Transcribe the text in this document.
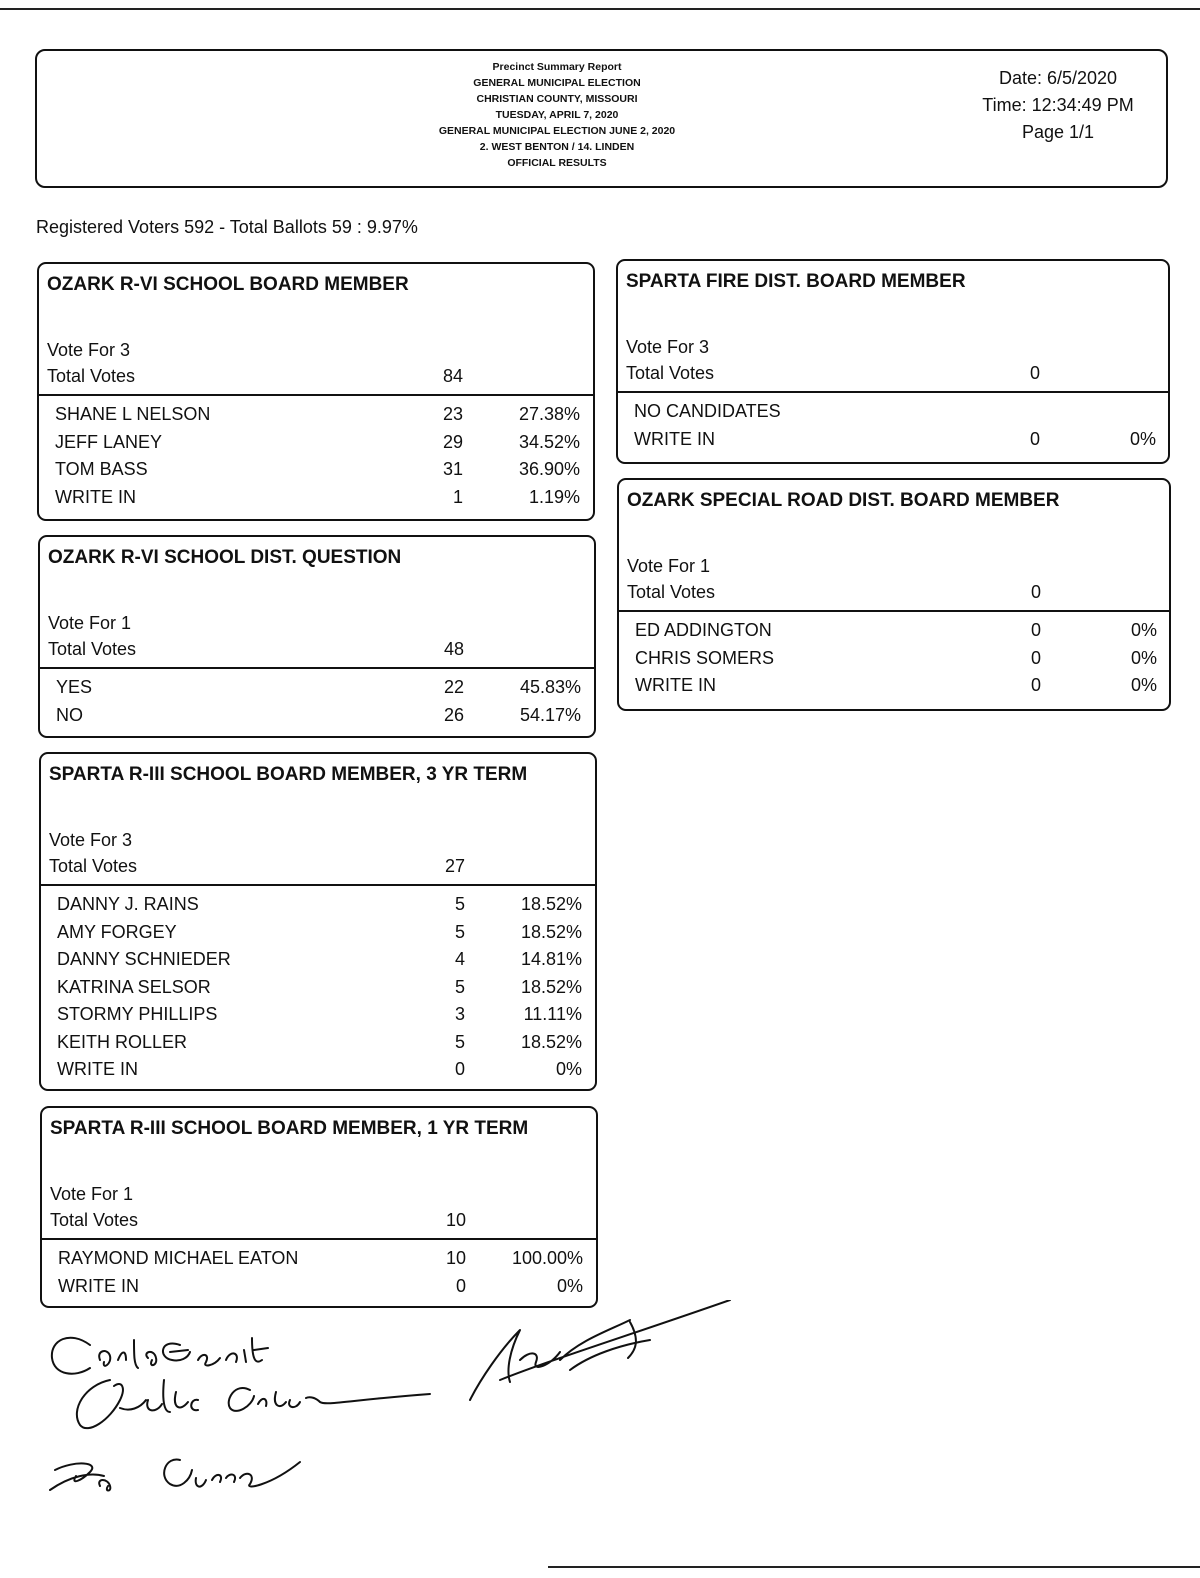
Precinct Summary Report
GENERAL MUNICIPAL ELECTION
CHRISTIAN COUNTY, MISSOURI
TUESDAY, APRIL 7, 2020
GENERAL MUNICIPAL ELECTION JUNE 2, 2020
2. WEST BENTON / 14. LINDEN
OFFICIAL RESULTS
Date: 6/5/2020
Time: 12:34:49 PM
Page 1/1
Registered Voters 592 - Total Ballots 59 : 9.97%
OZARK R-VI SCHOOL BOARD MEMBER
Vote For 3
Total Votes	84
SHANE L NELSON	23	27.38%
JEFF LANEY	29	34.52%
TOM BASS	31	36.90%
WRITE IN	1	1.19%
OZARK R-VI SCHOOL DIST. QUESTION
Vote For 1
Total Votes	48
YES	22	45.83%
NO	26	54.17%
SPARTA R-III SCHOOL BOARD MEMBER, 3 YR TERM
Vote For 3
Total Votes	27
DANNY J. RAINS	5	18.52%
AMY FORGEY	5	18.52%
DANNY SCHNIEDER	4	14.81%
KATRINA SELSOR	5	18.52%
STORMY PHILLIPS	3	11.11%
KEITH ROLLER	5	18.52%
WRITE IN	0	0%
SPARTA R-III SCHOOL BOARD MEMBER, 1 YR TERM
Vote For 1
Total Votes	10
RAYMOND MICHAEL EATON	10	100.00%
WRITE IN	0	0%
SPARTA FIRE DIST. BOARD MEMBER
Vote For 3
Total Votes	0
NO CANDIDATES
WRITE IN	0	0%
OZARK SPECIAL ROAD DIST. BOARD MEMBER
Vote For 1
Total Votes	0
ED ADDINGTON	0	0%
CHRIS SOMERS	0	0%
WRITE IN	0	0%
